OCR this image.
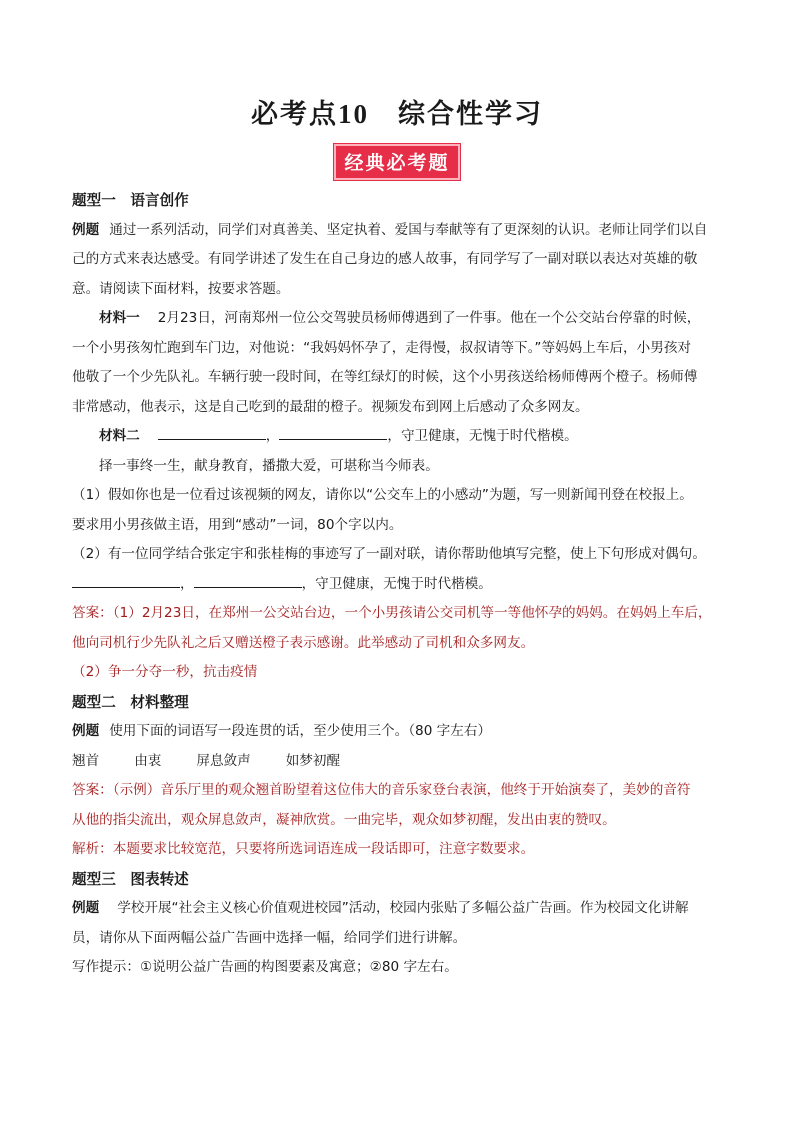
必考点10　 综合性学习
经典必考题
题型一　语言创作
例题 通过一系列活动，同学们对真善美、坚定执着、爱国与奉献等有了更深刻的认识。老师让同学们以自
己的方式来表达感受。有同学讲述了发生在自己身边的感人故事，有同学写了一副对联以表达对英雄的敬
意。请阅读下面材料，按要求答题。
材料一 2月23日，河南郑州一位公交驾驶员杨师傅遇到了一件事。他在一个公交站台停靠的时候，
一个小男孩匆忙跑到车门边，对他说：“我妈妈怀孕了，走得慢，叔叔请等下。”等妈妈上车后，小男孩对
他敬了一个少先队礼。车辆行驶一段时间，在等红绿灯的时候，这个小男孩送给杨师傅两个橙子。杨师傅
非常感动，他表示，这是自己吃到的最甜的橙子。视频发布到网上后感动了众多网友。
材料二	，	，守卫健康，无愧于时代楷模。
择一事终一生，献身教育，播撒大爱，可堪称当今师表。
（1）假如你也是一位看过该视频的网友，请你以“公交车上的小感动”为题，写一则新闻刊登在校报上。
要求用小男孩做主语，用到“感动”一词，80个字以内。
（2）有一位同学结合张定宇和张桂梅的事迹写了一副对联，请你帮助他填写完整，使上下句形成对偶句。
，	，守卫健康，无愧于时代楷模。
答案：（1）2月23日，在郑州一公交站台边，一个小男孩请公交司机等一等他怀孕的妈妈。在妈妈上车后，
他向司机行少先队礼之后又赠送橙子表示感谢。此举感动了司机和众多网友。
（2）争一分夺一秒，抗击疫情
题型二　材料整理
例题 使用下面的词语写一段连贯的话，至少使用三个。（80 字左右）
翘首	由衷	屏息敛声	如梦初醒
答案：（示例）音乐厅里的观众翘首盼望着这位伟大的音乐家登台表演，他终于开始演奏了，美妙的音符
从他的指尖流出，观众屏息敛声，凝神欣赏。一曲完毕，观众如梦初醒，发出由衷的赞叹。
解析：本题要求比较宽范，只要将所选词语连成一段话即可，注意字数要求。
题型三　图表转述
例题 学校开展“社会主义核心价值观进校园”活动，校园内张贴了多幅公益广告画。作为校园文化讲解
员，请你从下面两幅公益广告画中选择一幅，给同学们进行讲解。
写作提示：①说明公益广告画的构图要素及寓意；②80 字左右。
